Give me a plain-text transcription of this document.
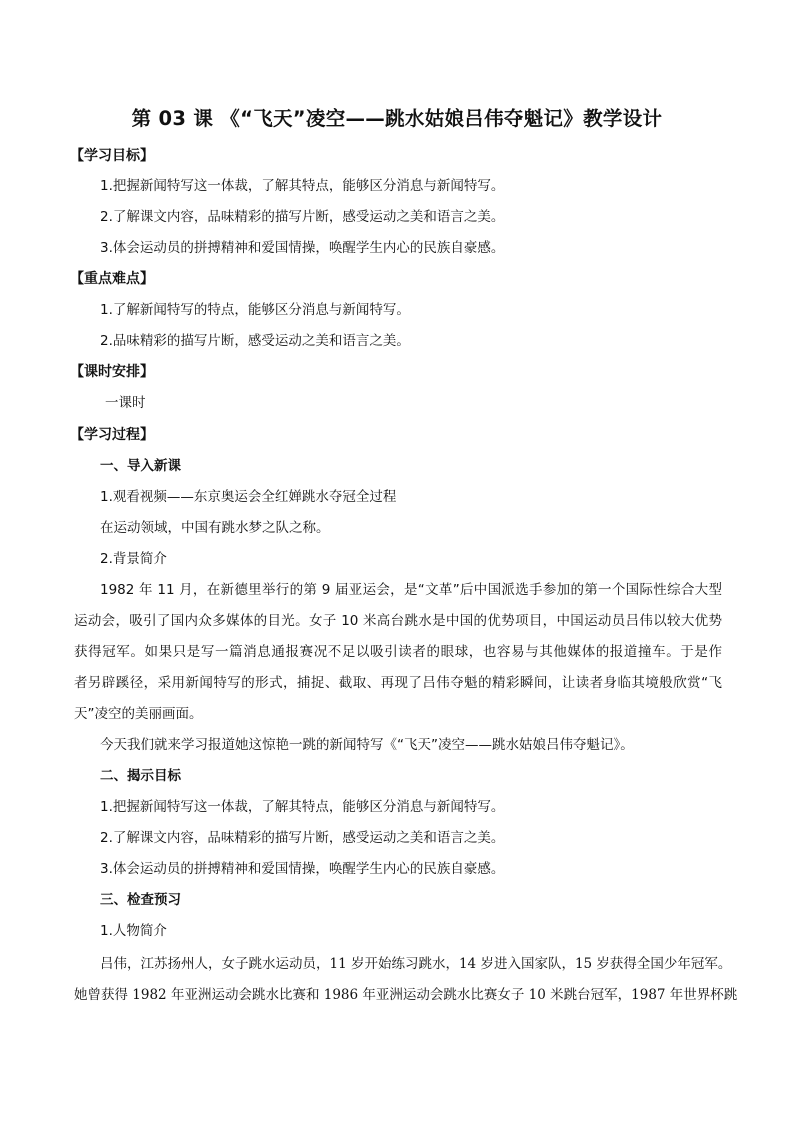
第 03 课 《“飞天”凌空——跳水姑娘吕伟夺魁记》教学设计
【学习目标】
1.把握新闻特写这一体裁，了解其特点，能够区分消息与新闻特写。
2.了解课文内容，品味精彩的描写片断，感受运动之美和语言之美。
3.体会运动员的拼搏精神和爱国情操，唤醒学生内心的民族自豪感。
【重点难点】
1.了解新闻特写的特点，能够区分消息与新闻特写。
2.品味精彩的描写片断，感受运动之美和语言之美。
【课时安排】
一课时
【学习过程】
一、导入新课
1.观看视频——东京奥运会全红婵跳水夺冠全过程
在运动领域，中国有跳水梦之队之称。
2.背景简介
1982 年 11 月，在新德里举行的第 9 届亚运会，是“文革”后中国派选手参加的第一个国际性综合大型
运动会，吸引了国内众多媒体的目光。女子 10 米高台跳水是中国的优势项目，中国运动员吕伟以较大优势
获得冠军。如果只是写一篇消息通报赛况不足以吸引读者的眼球，也容易与其他媒体的报道撞车。于是作
者另辟蹊径，采用新闻特写的形式，捕捉、截取、再现了吕伟夺魁的精彩瞬间，让读者身临其境般欣赏“飞
天”凌空的美丽画面。
今天我们就来学习报道她这惊艳一跳的新闻特写《“飞天”凌空——跳水姑娘吕伟夺魁记》。
二、揭示目标
1.把握新闻特写这一体裁，了解其特点，能够区分消息与新闻特写。
2.了解课文内容，品味精彩的描写片断，感受运动之美和语言之美。
3.体会运动员的拼搏精神和爱国情操，唤醒学生内心的民族自豪感。
三、检查预习
1.人物简介
吕伟，江苏扬州人，女子跳水运动员，11 岁开始练习跳水，14 岁进入国家队，15 岁获得全国少年冠军。
她曾获得 1982 年亚洲运动会跳水比赛和 1986 年亚洲运动会跳水比赛女子 10 米跳台冠军，1987 年世界杯跳
